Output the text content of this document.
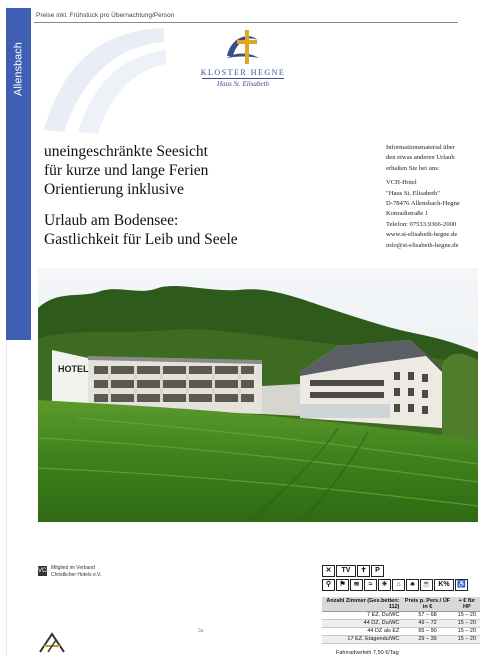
Allensbach
Preise inkl. Frühstück pro Übernachtung/Person
KLOSTER HEGNE
Haus St. Elisabeth

uneingeschränkte Seesicht

für kurze und lange Ferien

Orientierung inklusive

Urlaub am Bodensee:

Gastlichkeit für Leib und Seele

Informationsmaterial über

den etwas anderen Urlaub

erhalten Sie bei uns:

VCH-Hotel

"Haus St. Elisabeth"

D-78476 Allensbach-Hegne

Konradistraße 1

Telefon: 07533.9366-2000

www.st-elisabeth-hegne.de

info@st-elisabeth-hegne.de

HOTEL
VCH Mitglied im Verband

Christlicher Hotels e.V.

3a
✕	TV	✝	P
⚲	⚑	≋	≈	☀	⌂	♣	☕	K%	♿
Anzahl Zimmer (Ges.betten: 112)	Preis p. Pers./ ÜF in €	+ € für HP
7 EZ, Du/WC	57 – 68	15 – 20
44 DZ, Du/WC	49 – 72	15 – 20
44 DZ als EZ	65 – 90	15 – 20
17 EZ, Etagendu/WC	29 – 39	15 – 20
Fahrradverleih 7,50 €/Tag
